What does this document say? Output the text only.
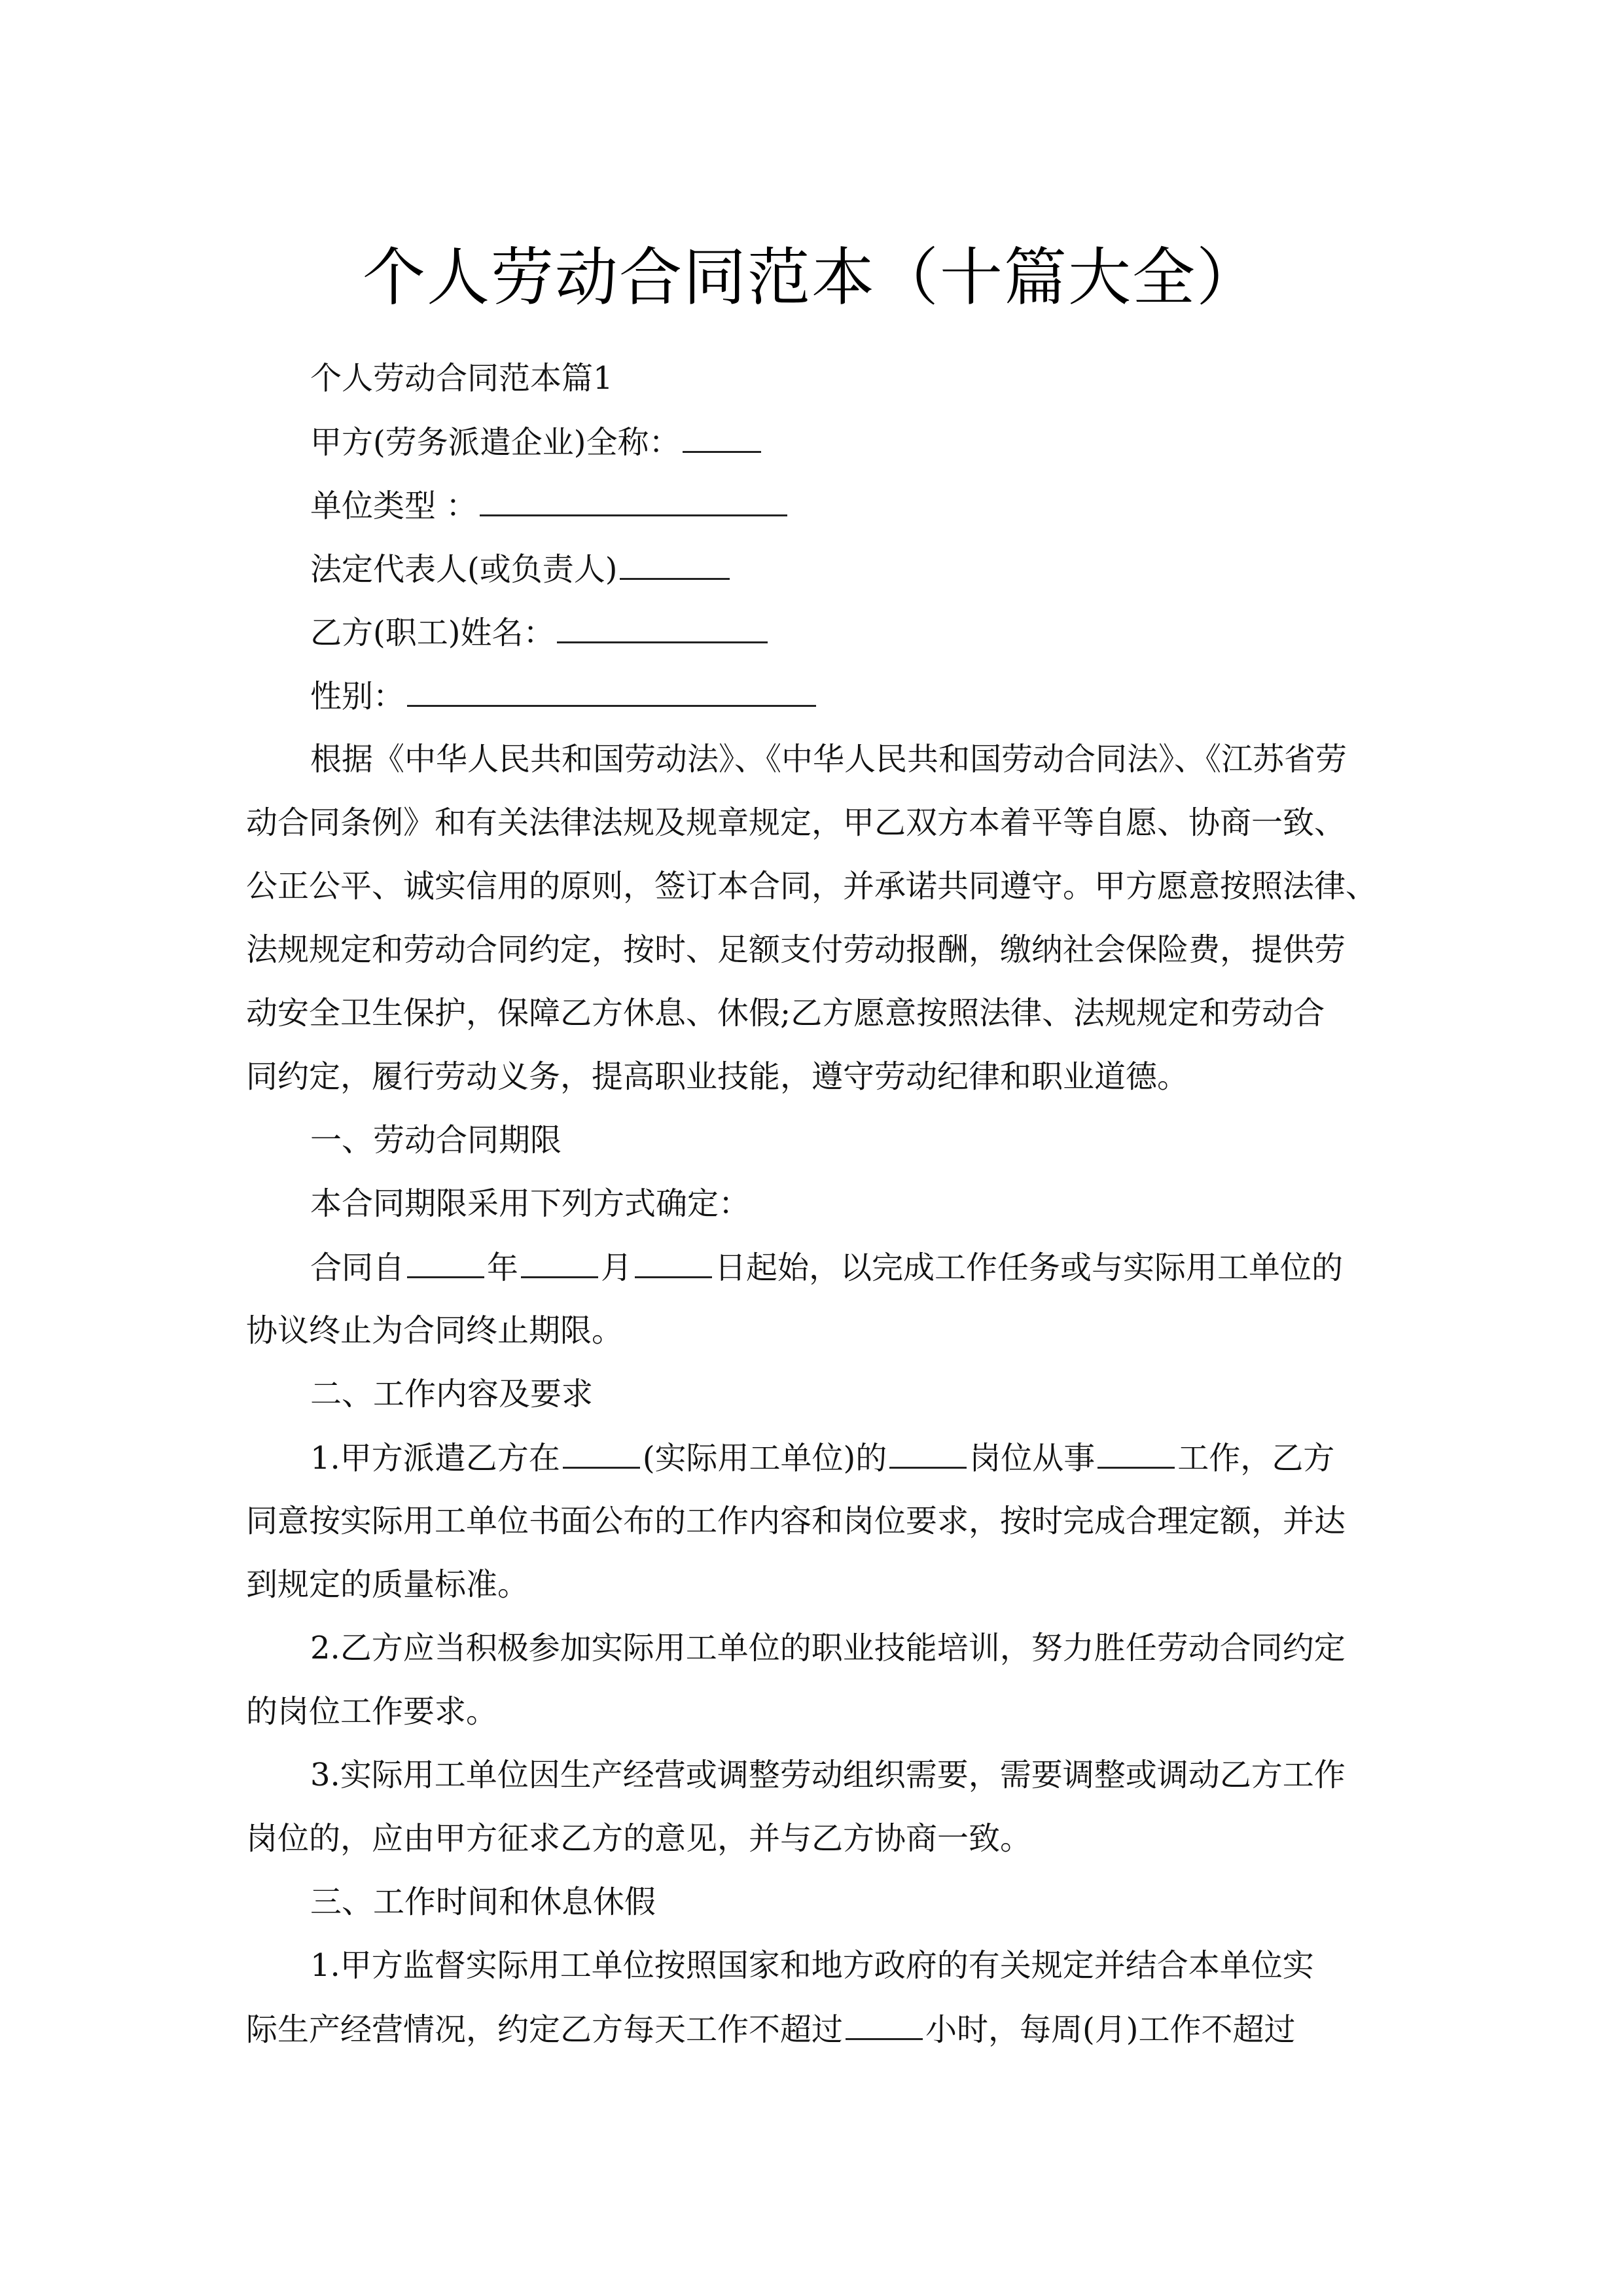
个人劳动合同范本（十篇大全）
个人劳动合同范本篇1
甲方(劳务派遣企业)全称：
单位类型 ：
法定代表人(或负责人)
乙方(职工)姓名：
性别：
根据《中华人民共和国劳动法》、《中华人民共和国劳动合同法》、《江苏省劳
动合同条例》和有关法律法规及规章规定，甲乙双方本着平等自愿、协商一致、
公正公平、诚实信用的原则，签订本合同，并承诺共同遵守。甲方愿意按照法律、
法规规定和劳动合同约定，按时、足额支付劳动报酬，缴纳社会保险费，提供劳
动安全卫生保护，保障乙方休息、休假;乙方愿意按照法律、法规规定和劳动合
同约定，履行劳动义务，提高职业技能，遵守劳动纪律和职业道德。
一、劳动合同期限
本合同期限采用下列方式确定：
合同自	年	月	日起始，以完成工作任务或与实际用工单位的
协议终止为合同终止期限。
二、工作内容及要求
1.甲方派遣乙方在	(实际用工单位)的	岗位从事	工作，乙方
同意按实际用工单位书面公布的工作内容和岗位要求，按时完成合理定额，并达
到规定的质量标准。
2.乙方应当积极参加实际用工单位的职业技能培训，努力胜任劳动合同约定
的岗位工作要求。
3.实际用工单位因生产经营或调整劳动组织需要，需要调整或调动乙方工作
岗位的，应由甲方征求乙方的意见，并与乙方协商一致。
三、工作时间和休息休假
1.甲方监督实际用工单位按照国家和地方政府的有关规定并结合本单位实
际生产经营情况，约定乙方每天工作不超过	小时，每周(月)工作不超过
